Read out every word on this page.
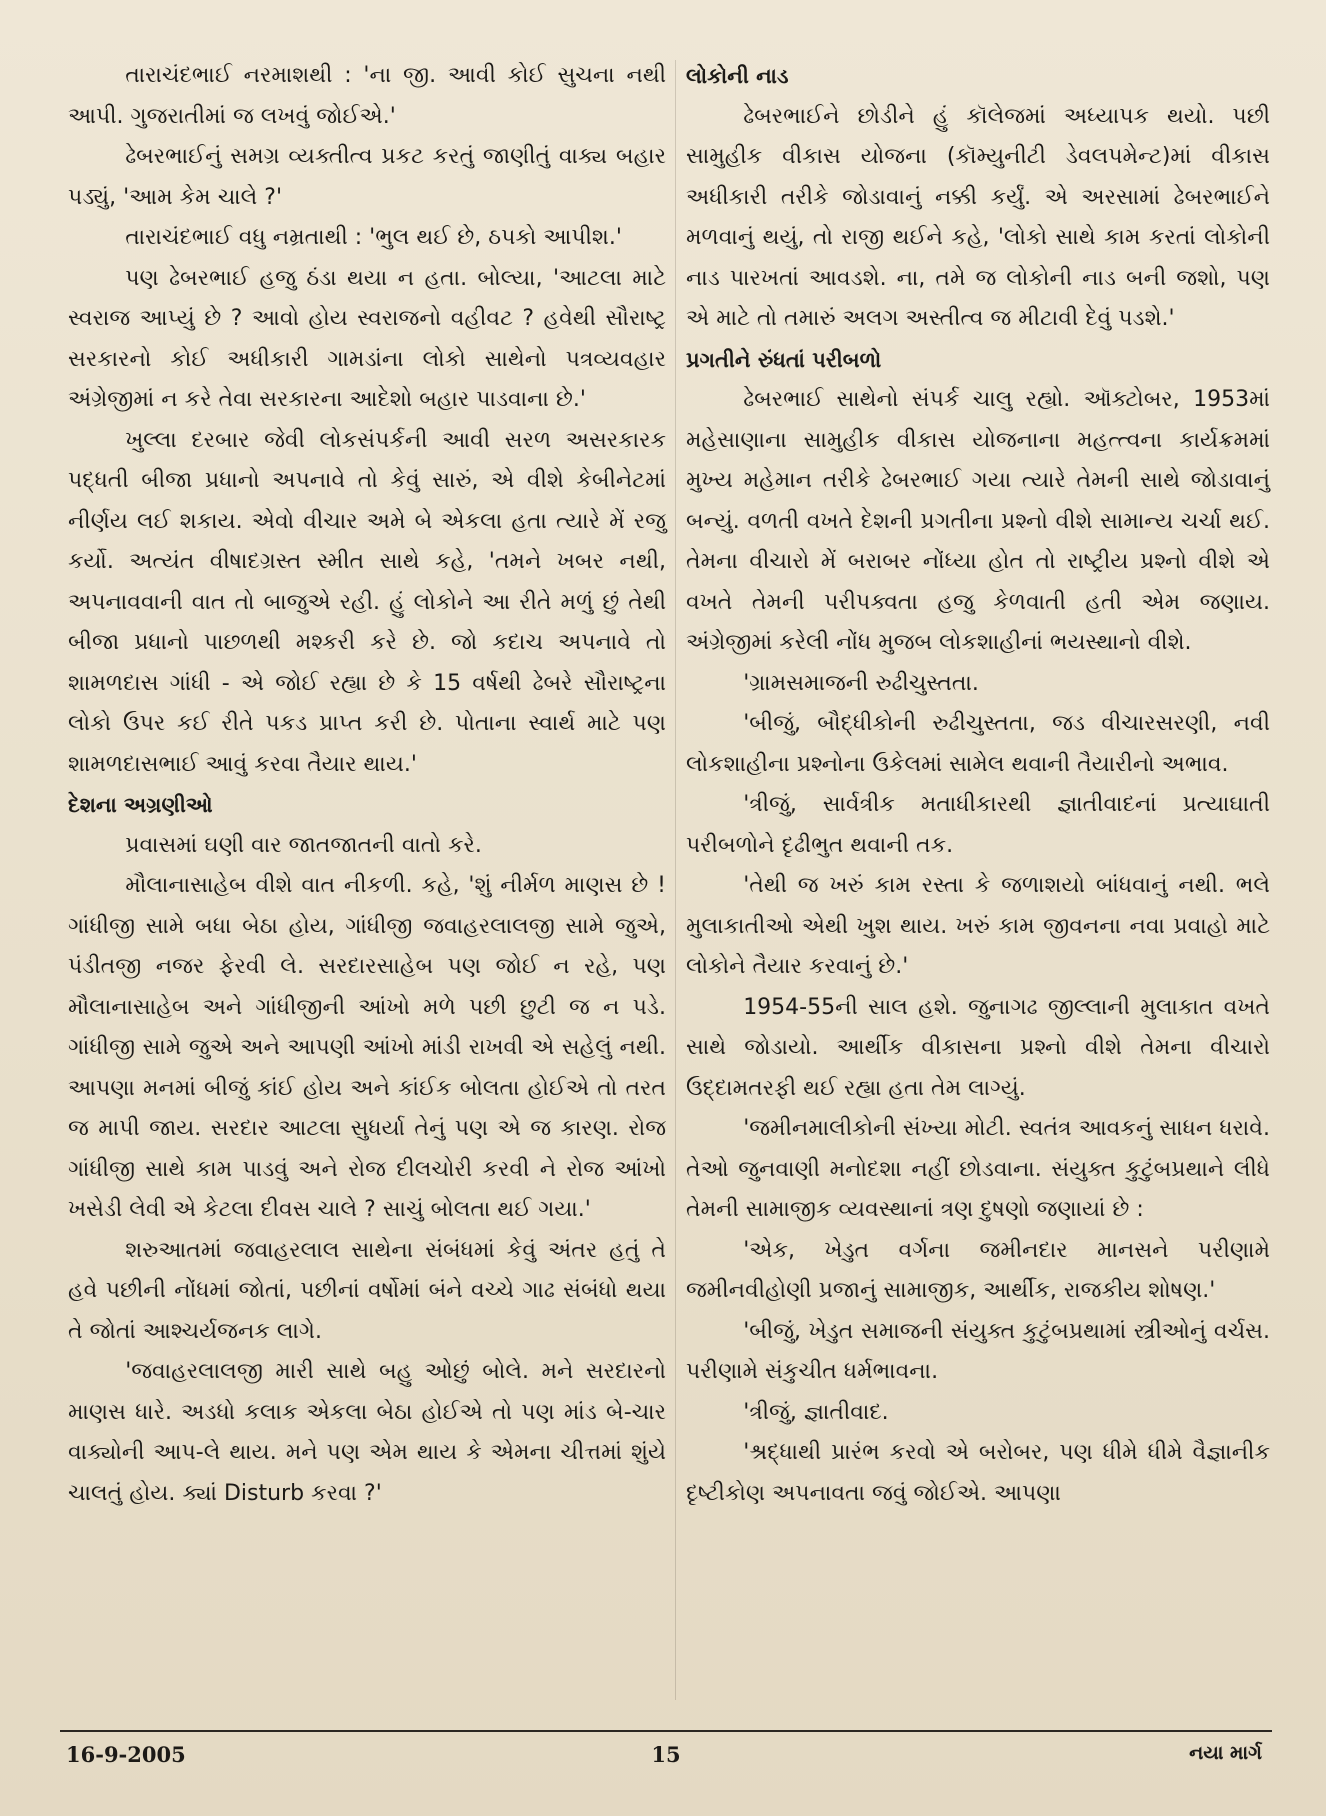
તારાચંદભાઈ નરમાશથી : 'ના જી. આવી કોઈ સુચના નથી આપી. ગુજરાતીમાં જ લખવું જોઈએ.'

ઢેબરભાઈનું સમગ્ર વ્યક્તીત્વ પ્રકટ કરતું જાણીતું વાક્ય બહાર પડ્યું, 'આમ કેમ ચાલે ?'

તારાચંદભાઈ વધુ નમ્રતાથી : 'ભુલ થઈ છે, ઠપકો આપીશ.'

પણ ઢેબરભાઈ હજુ ઠંડા થયા ન હતા. બોલ્યા, 'આટલા માટે સ્વરાજ આપ્યું છે ? આવો હોય સ્વરાજનો વહીવટ ? હવેથી સૌરાષ્ટ્ર સરકારનો કોઈ અધીકારી ગામડાંના લોકો સાથેનો પત્રવ્યવહાર અંગ્રેજીમાં ન કરે તેવા સરકારના આદેશો બહાર પાડવાના છે.'

ખુલ્લા દરબાર જેવી લોકસંપર્કની આવી સરળ અસરકારક પદ્ધતી બીજા પ્રધાનો અપનાવે તો કેવું સારું, એ વીશે કેબીનેટમાં નીર્ણય લઈ શકાય. એવો વીચાર અમે બે એકલા હતા ત્યારે મેં રજુ કર્યો. અત્યંત વીષાદગ્રસ્ત સ્મીત સાથે કહે, 'તમને ખબર નથી, અપનાવવાની વાત તો બાજુએ રહી. હું લોકોને આ રીતે મળું છું તેથી બીજા પ્રધાનો પાછળથી મશ્કરી કરે છે. જો કદાચ અપનાવે તો શામળદાસ ગાંધી - એ જોઈ રહ્યા છે કે 15 વર્ષથી ઢેબરે સૌરાષ્ટ્રના લોકો ઉપર કઈ રીતે પકડ પ્રાપ્ત કરી છે. પોતાના સ્વાર્થ માટે પણ શામળદાસભાઈ આવું કરવા તૈયાર થાય.'

દેશના અગ્રણીઓ

પ્રવાસમાં ઘણી વાર જાતજાતની વાતો કરે.

મૌલાનાસાહેબ વીશે વાત નીકળી. કહે, 'શું નીર્મળ માણસ છે ! ગાંધીજી સામે બધા બેઠા હોય, ગાંધીજી જવાહરલાલજી સામે જુએ, પંડીતજી નજર ફેરવી લે. સરદારસાહેબ પણ જોઈ ન રહે, પણ મૌલાનાસાહેબ અને ગાંધીજીની આંખો મળે પછી છુટી જ ન પડે. ગાંધીજી સામે જુએ અને આપણી આંખો માંડી રાખવી એ સહેલું નથી. આપણા મનમાં બીજું કાંઈ હોય અને કાંઈક બોલતા હોઈએ તો તરત જ માપી જાય. સરદાર આટલા સુધર્યા તેનું પણ એ જ કારણ. રોજ ગાંધીજી સાથે કામ પાડવું અને રોજ દીલચોરી કરવી ને રોજ આંખો ખસેડી લેવી એ કેટલા દીવસ ચાલે ? સાચું બોલતા થઈ ગયા.'

શરુઆતમાં જવાહરલાલ સાથેના સંબંધમાં કેવું અંતર હતું તે હવે પછીની નોંધમાં જોતાં, પછીનાં વર્ષોમાં બંને વચ્ચે ગાઢ સંબંધો થયા તે જોતાં આશ્ચર્યજનક લાગે.

'જવાહરલાલજી મારી સાથે બહુ ઓછું બોલે. મને સરદારનો માણસ ધારે. અડધો કલાક એકલા બેઠા હોઈએ તો પણ માંડ બે-ચાર વાક્યોની આપ-લે થાય. મને પણ એમ થાય કે એમના ચીત્તમાં શુંયે ચાલતું હોય. ક્યાં Disturb કરવા ?'

લોકોની નાડ

ઢેબરભાઈને છોડીને હું કૉલેજમાં અધ્યાપક થયો. પછી સામુહીક વીકાસ યોજના (કૉમ્યુનીટી ડેવલપમેન્ટ)માં વીકાસ અધીકારી તરીકે જોડાવાનું નક્કી કર્યું. એ અરસામાં ઢેબરભાઈને મળવાનું થયું, તો રાજી થઈને કહે, 'લોકો સાથે કામ કરતાં લોકોની નાડ પારખતાં આવડશે. ના, તમે જ લોકોની નાડ બની જશો, પણ એ માટે તો તમારું અલગ અસ્તીત્વ જ મીટાવી દેવું પડશે.'

પ્રગતીને રુંધતાં પરીબળો

ઢેબરભાઈ સાથેનો સંપર્ક ચાલુ રહ્યો. ઑક્ટોબર, 1953માં મહેસાણાના સામુહીક વીકાસ યોજનાના મહત્ત્વના કાર્યક્રમમાં મુખ્ય મહેમાન તરીકે ઢેબરભાઈ ગયા ત્યારે તેમની સાથે જોડાવાનું બન્યું. વળતી વખતે દેશની પ્રગતીના પ્રશ્નો વીશે સામાન્ય ચર્ચા થઈ. તેમના વીચારો મેં બરાબર નોંધ્યા હોત તો રાષ્ટ્રીય પ્રશ્નો વીશે એ વખતે તેમની પરીપક્વતા હજુ કેળવાતી હતી એમ જણાય. અંગ્રેજીમાં કરેલી નોંધ મુજબ લોકશાહીનાં ભયસ્થાનો વીશે.

'ગ્રામસમાજની રુઢીચુસ્તતા.

'બીજું, બૌદ્ધીકોની રુઢીચુસ્તતા, જડ વીચારસરણી, નવી લોકશાહીના પ્રશ્નોના ઉકેલમાં સામેલ થવાની તૈયારીનો અભાવ.

'ત્રીજું, સાર્વત્રીક મતાધીકારથી જ્ઞાતીવાદનાં પ્રત્યાઘાતી પરીબળોને દૃઢીભુત થવાની તક.

'તેથી જ ખરું કામ રસ્તા કે જળાશયો બાંધવાનું નથી. ભલે મુલાકાતીઓ એથી ખુશ થાય. ખરું કામ જીવનના નવા પ્રવાહો માટે લોકોને તૈયાર કરવાનું છે.'

1954-55ની સાલ હશે. જુનાગઢ જીલ્લાની મુલાકાત વખતે સાથે જોડાયો. આર્થીક વીકાસના પ્રશ્નો વીશે તેમના વીચારો ઉદ્દામતરફી થઈ રહ્યા હતા તેમ લાગ્યું.

'જમીનમાલીકોની સંખ્યા મોટી. સ્વતંત્ર આવકનું સાધન ધરાવે. તેઓ જુનવાણી મનોદશા નહીં છોડવાના. સંયુક્ત કુટુંબપ્રથાને લીધે તેમની સામાજીક વ્યવસ્થાનાં ત્રણ દુષણો જણાયાં છે :

'એક, ખેડુત વર્ગના જમીનદાર માનસને પરીણામે જમીનવીહોણી પ્રજાનું સામાજીક, આર્થીક, રાજકીય શોષણ.'

'બીજું, ખેડુત સમાજની સંયુક્ત કુટુંબપ્રથામાં સ્ત્રીઓનું વર્ચસ. પરીણામે સંકુચીત ધર્મભાવના.

'ત્રીજું, જ્ઞાતીવાદ.

'શ્રદ્ધાથી પ્રારંભ કરવો એ બરોબર, પણ ધીમે ધીમે વૈજ્ઞાનીક દૃષ્ટીકોણ અપનાવતા જવું જોઈએ. આપણા

16-9-2005	15	નયા માર્ગ
